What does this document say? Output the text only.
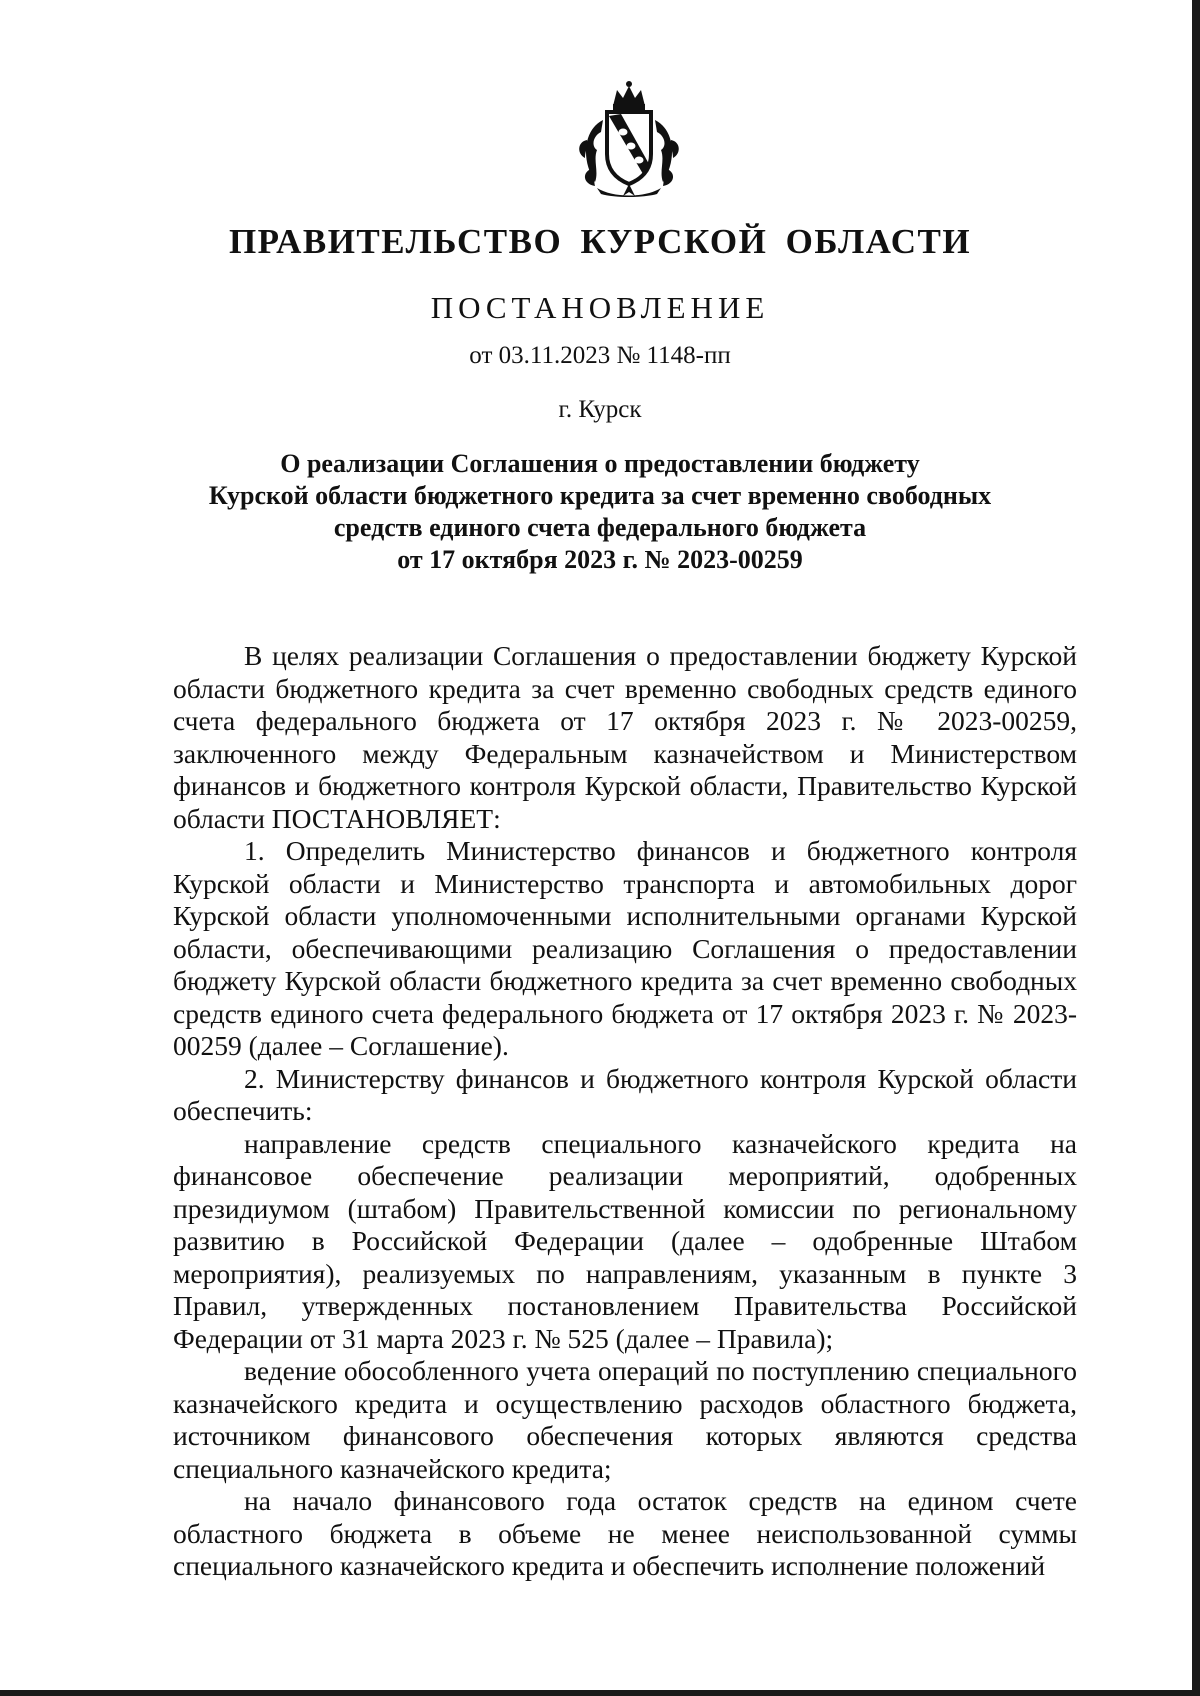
ПРАВИТЕЛЬСТВО КУРСКОЙ ОБЛАСТИ
ПОСТАНОВЛЕНИЕ
от 03.11.2023 № 1148-пп
г. Курск
О реализации Соглашения о предоставлении бюджету
Курской области бюджетного кредита за счет временно свободных
средств единого счета федерального бюджета
от 17 октября 2023 г. № 2023-00259

В целях реализации Соглашения о предоставлении бюджету Курской области бюджетного кредита за счет временно свободных средств единого счета федерального бюджета от 17 октября 2023 г. № 2023-00259, заключенного между Федеральным казначейством и Министерством финансов и бюджетного контроля Курской области, Правительство Курской области ПОСТАНОВЛЯЕТ:

1. Определить Министерство финансов и бюджетного контроля Курской области и Министерство транспорта и автомобильных дорог Курской области уполномоченными исполнительными органами Курской области, обеспечивающими реализацию Соглашения о предоставлении бюджету Курской области бюджетного кредита за счет временно свободных средств единого счета федерального бюджета от 17 октября 2023 г. № 2023-00259 (далее – Соглашение).

2. Министерству финансов и бюджетного контроля Курской области обеспечить:

направление средств специального казначейского кредита на финансовое обеспечение реализации мероприятий, одобренных президиумом (штабом) Правительственной комиссии по региональному развитию в Российской Федерации (далее – одобренные Штабом мероприятия), реализуемых по направлениям, указанным в пункте 3 Правил, утвержденных постановлением Правительства Российской Федерации от 31 марта 2023 г. № 525 (далее – Правила);

ведение обособленного учета операций по поступлению специального казначейского кредита и осуществлению расходов областного бюджета, источником финансового обеспечения которых являются средства специального казначейского кредита;

на начало финансового года остаток средств на едином счете областного бюджета в объеме не менее неиспользованной суммы специального казначейского кредита и обеспечить исполнение положений
